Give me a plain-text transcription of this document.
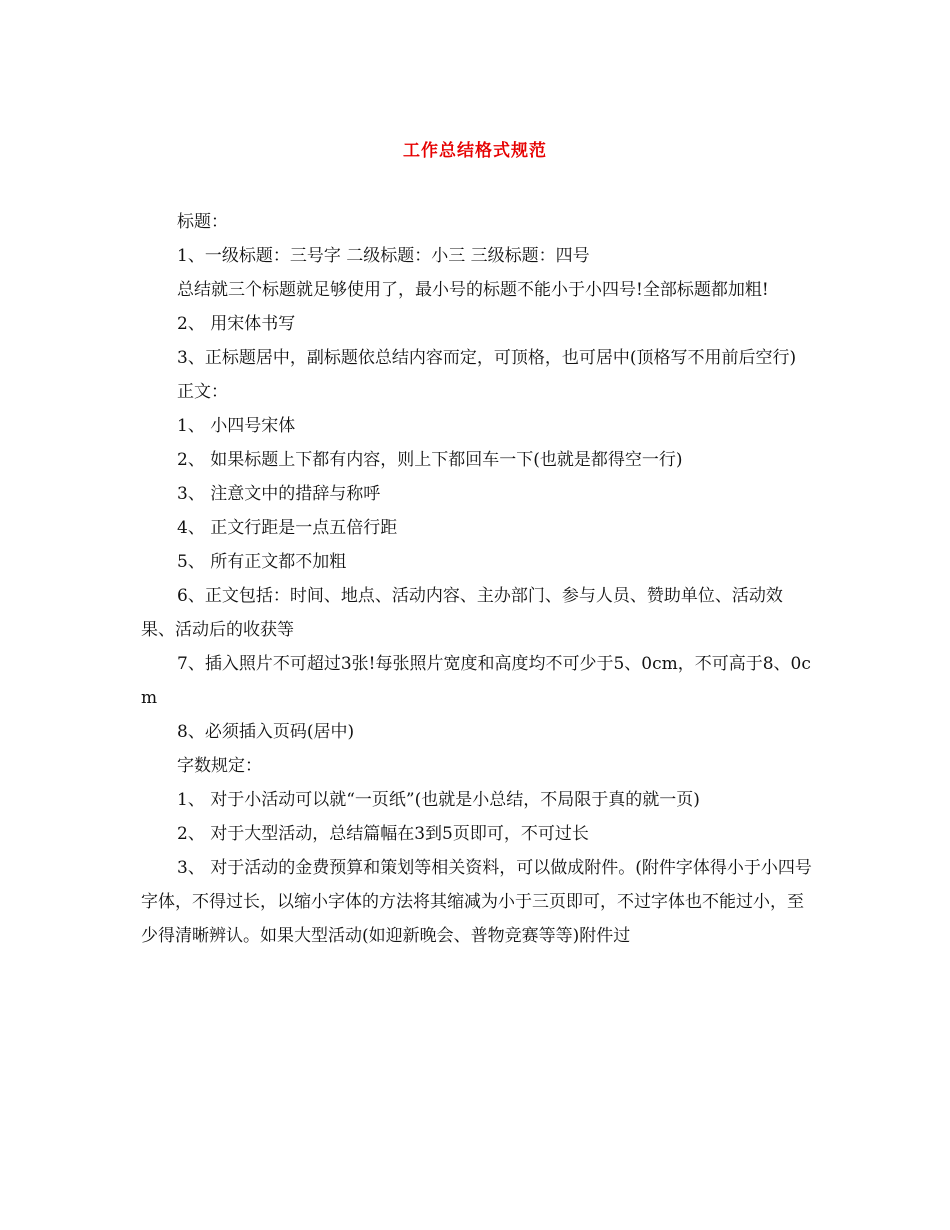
工作总结格式规范

标题：

1、一级标题：三号字 二级标题：小三 三级标题：四号

总结就三个标题就足够使用了，最小号的标题不能小于小四号!全部标题都加粗!

2、 用宋体书写

3、正标题居中，副标题依总结内容而定，可顶格，也可居中(顶格写不用前后空行)

正文：

1、 小四号宋体

2、 如果标题上下都有内容，则上下都回车一下(也就是都得空一行)

3、 注意文中的措辞与称呼

4、 正文行距是一点五倍行距

5、 所有正文都不加粗

6、正文包括：时间、地点、活动内容、主办部门、参与人员、赞助单位、活动效果、活动后的收获等

7、插入照片不可超过3张!每张照片宽度和高度均不可少于5、0cm，不可高于8、0cm

8、必须插入页码(居中)

字数规定：

1、 对于小活动可以就“一页纸”(也就是小总结，不局限于真的就一页)

2、 对于大型活动，总结篇幅在3到5页即可，不可过长

3、 对于活动的金费预算和策划等相关资料，可以做成附件。(附件字体得小于小四号字体，不得过长，以缩小字体的方法将其缩减为小于三页即可，不过字体也不能过小，至少得清晰辨认。如果大型活动(如迎新晚会、普物竞赛等等)附件过
